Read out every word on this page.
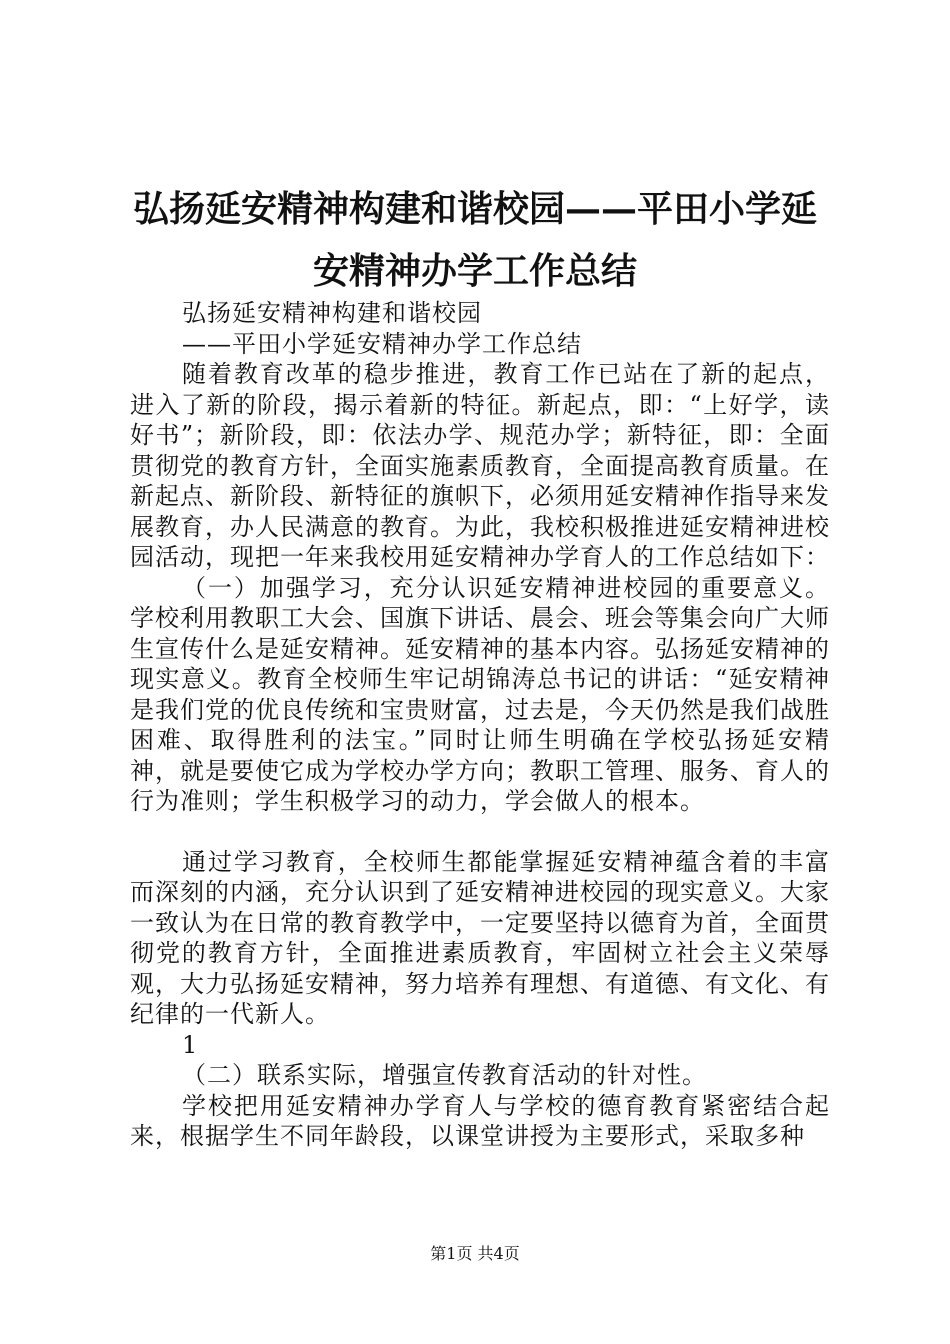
弘扬延安精神构建和谐校园——平田小学延安精神办学工作总结

弘扬延安精神构建和谐校园

——平田小学延安精神办学工作总结

随着教育改革的稳步推进，教育工作已站在了新的起点，进入了新的阶段，揭示着新的特征。新起点，即：“上好学，读好书”；新阶段，即：依法办学、规范办学；新特征，即：全面贯彻党的教育方针，全面实施素质教育，全面提高教育质量。在新起点、新阶段、新特征的旗帜下，必须用延安精神作指导来发展教育，办人民满意的教育。为此，我校积极推进延安精神进校园活动，现把一年来我校用延安精神办学育人的工作总结如下：

（一）加强学习，充分认识延安精神进校园的重要意义。学校利用教职工大会、国旗下讲话、晨会、班会等集会向广大师生宣传什么是延安精神。延安精神的基本内容。弘扬延安精神的现实意义。教育全校师生牢记胡锦涛总书记的讲话：“延安精神是我们党的优良传统和宝贵财富，过去是，今天仍然是我们战胜困难、取得胜利的法宝。”同时让师生明确在学校弘扬延安精神，就是要使它成为学校办学方向；教职工管理、服务、育人的行为准则；学生积极学习的动力，学会做人的根本。

通过学习教育，全校师生都能掌握延安精神蕴含着的丰富而深刻的内涵，充分认识到了延安精神进校园的现实意义。大家一致认为在日常的教育教学中，一定要坚持以德育为首，全面贯彻党的教育方针，全面推进素质教育，牢固树立社会主义荣辱观，大力弘扬延安精神，努力培养有理想、有道德、有文化、有纪律的一代新人。

1

（二）联系实际，增强宣传教育活动的针对性。

学校把用延安精神办学育人与学校的德育教育紧密结合起来，根据学生不同年龄段，以课堂讲授为主要形式，采取多种

第1页 共4页
